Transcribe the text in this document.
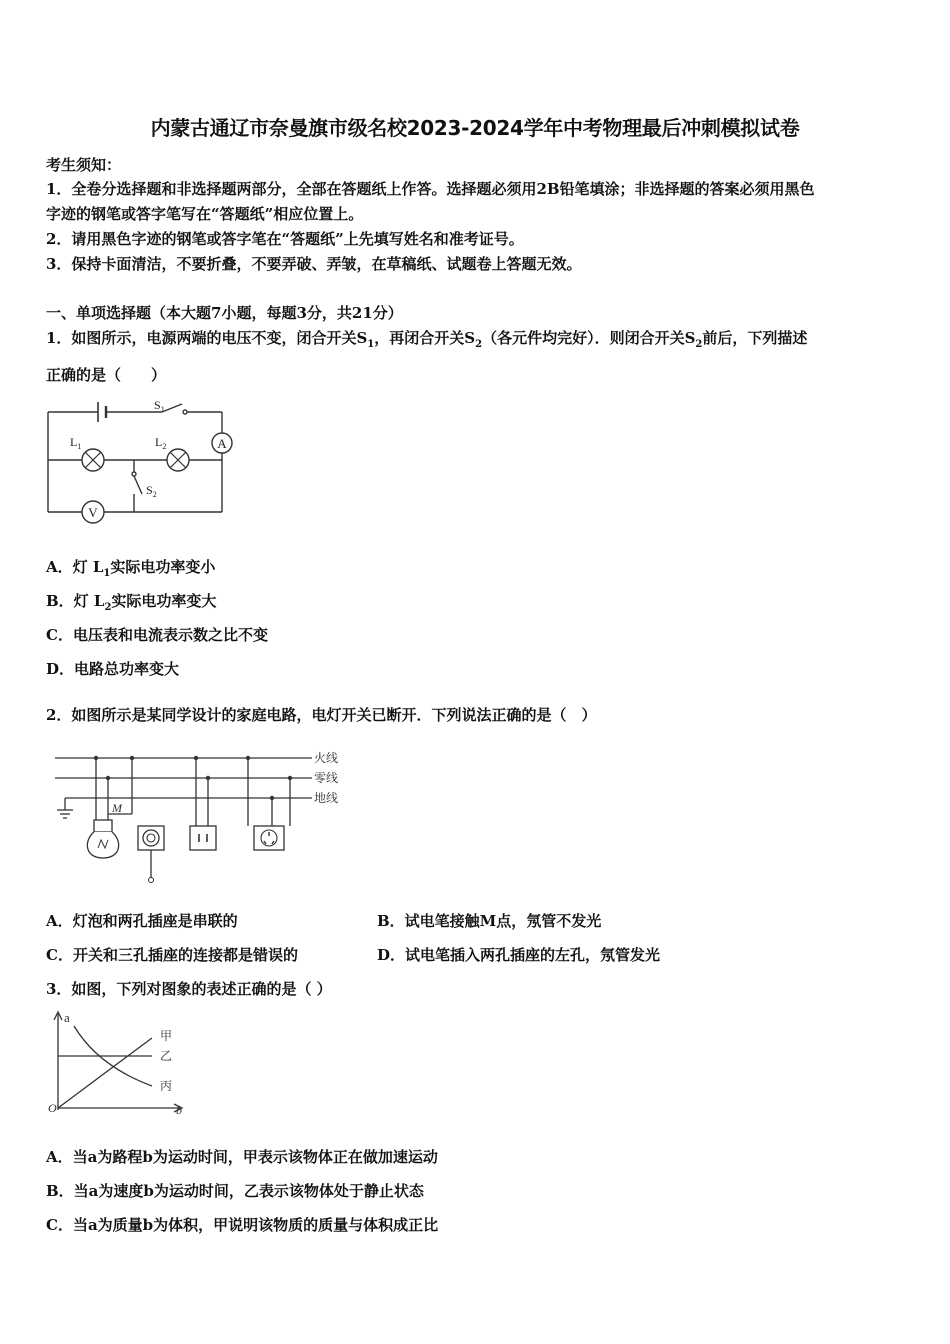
内蒙古通辽市奈曼旗市级名校2023-2024学年中考物理最后冲刺模拟试卷
考生须知：
1．全卷分选择题和非选择题两部分，全部在答题纸上作答。选择题必须用2B铅笔填涂；非选择题的答案必须用黑色
字迹的钢笔或答字笔写在“答题纸”相应位置上。
2．请用黑色字迹的钢笔或答字笔在“答题纸”上先填写姓名和准考证号。
3．保持卡面清洁，不要折叠，不要弄破、弄皱，在草稿纸、试题卷上答题无效。
一、单项选择题（本大题7小题，每题3分，共21分）
1．如图所示，电源两端的电压不变，闭合开关$S_1$，再闭合开关$S_2$（各元件均完好）．则闭合开关$S_2$前后，下列描述
正确的是（　　）
A
V
$S_1$
$S_2$
$L_1$	$L_2$
A．灯 $L_1$实际电功率变小
B．灯 $L_2$实际电功率变大
C．电压表和电流表示数之比不变
D．电路总功率变大
2．如图所示是某同学设计的家庭电路，电灯开关已断开．下列说法正确的是（　）
火线
零线
地线
M
A．灯泡和两孔插座是串联的	B．试电笔接触M点，氖管不发光
C．开关和三孔插座的连接都是错误的	D．试电笔插入两孔插座的左孔，氖管发光
3．如图，下列对图象的表述正确的是（ ）
a
b
O
甲
乙
丙
A．当a为路程b为运动时间，甲表示该物体正在做加速运动
B．当a为速度b为运动时间，乙表示该物体处于静止状态
C．当a为质量b为体积，甲说明该物质的质量与体积成正比
